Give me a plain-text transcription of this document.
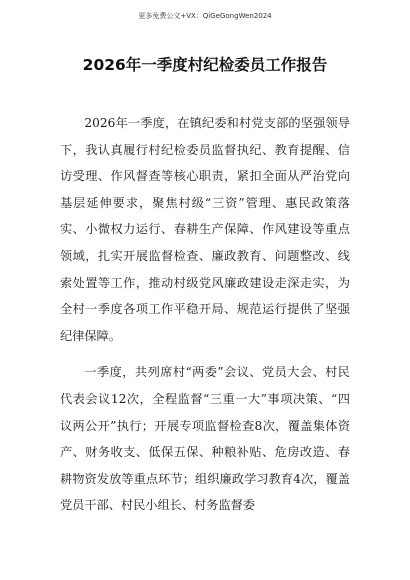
更多免费公文+VX：QiGeGongWen2024
2026年一季度村纪检委员工作报告

2026年一季度，在镇纪委和村党支部的坚强领导下，我认真履行村纪检委员监督执纪、教育提醒、信访受理、作风督查等核心职责，紧扣全面从严治党向基层延伸要求，聚焦村级“三资”管理、惠民政策落实、小微权力运行、春耕生产保障、作风建设等重点领域，扎实开展监督检查、廉政教育、问题整改、线索处置等工作，推动村级党风廉政建设走深走实，为全村一季度各项工作平稳开局、规范运行提供了坚强纪律保障。

一季度，共列席村“两委”会议、党员大会、村民代表会议12次，全程监督“三重一大”事项决策、“四议两公开”执行；开展专项监督检查8次，覆盖集体资产、财务收支、低保五保、种粮补贴、危房改造、春耕物资发放等重点环节；组织廉政学习教育4次，覆盖党员干部、村民小组长、村务监督委
